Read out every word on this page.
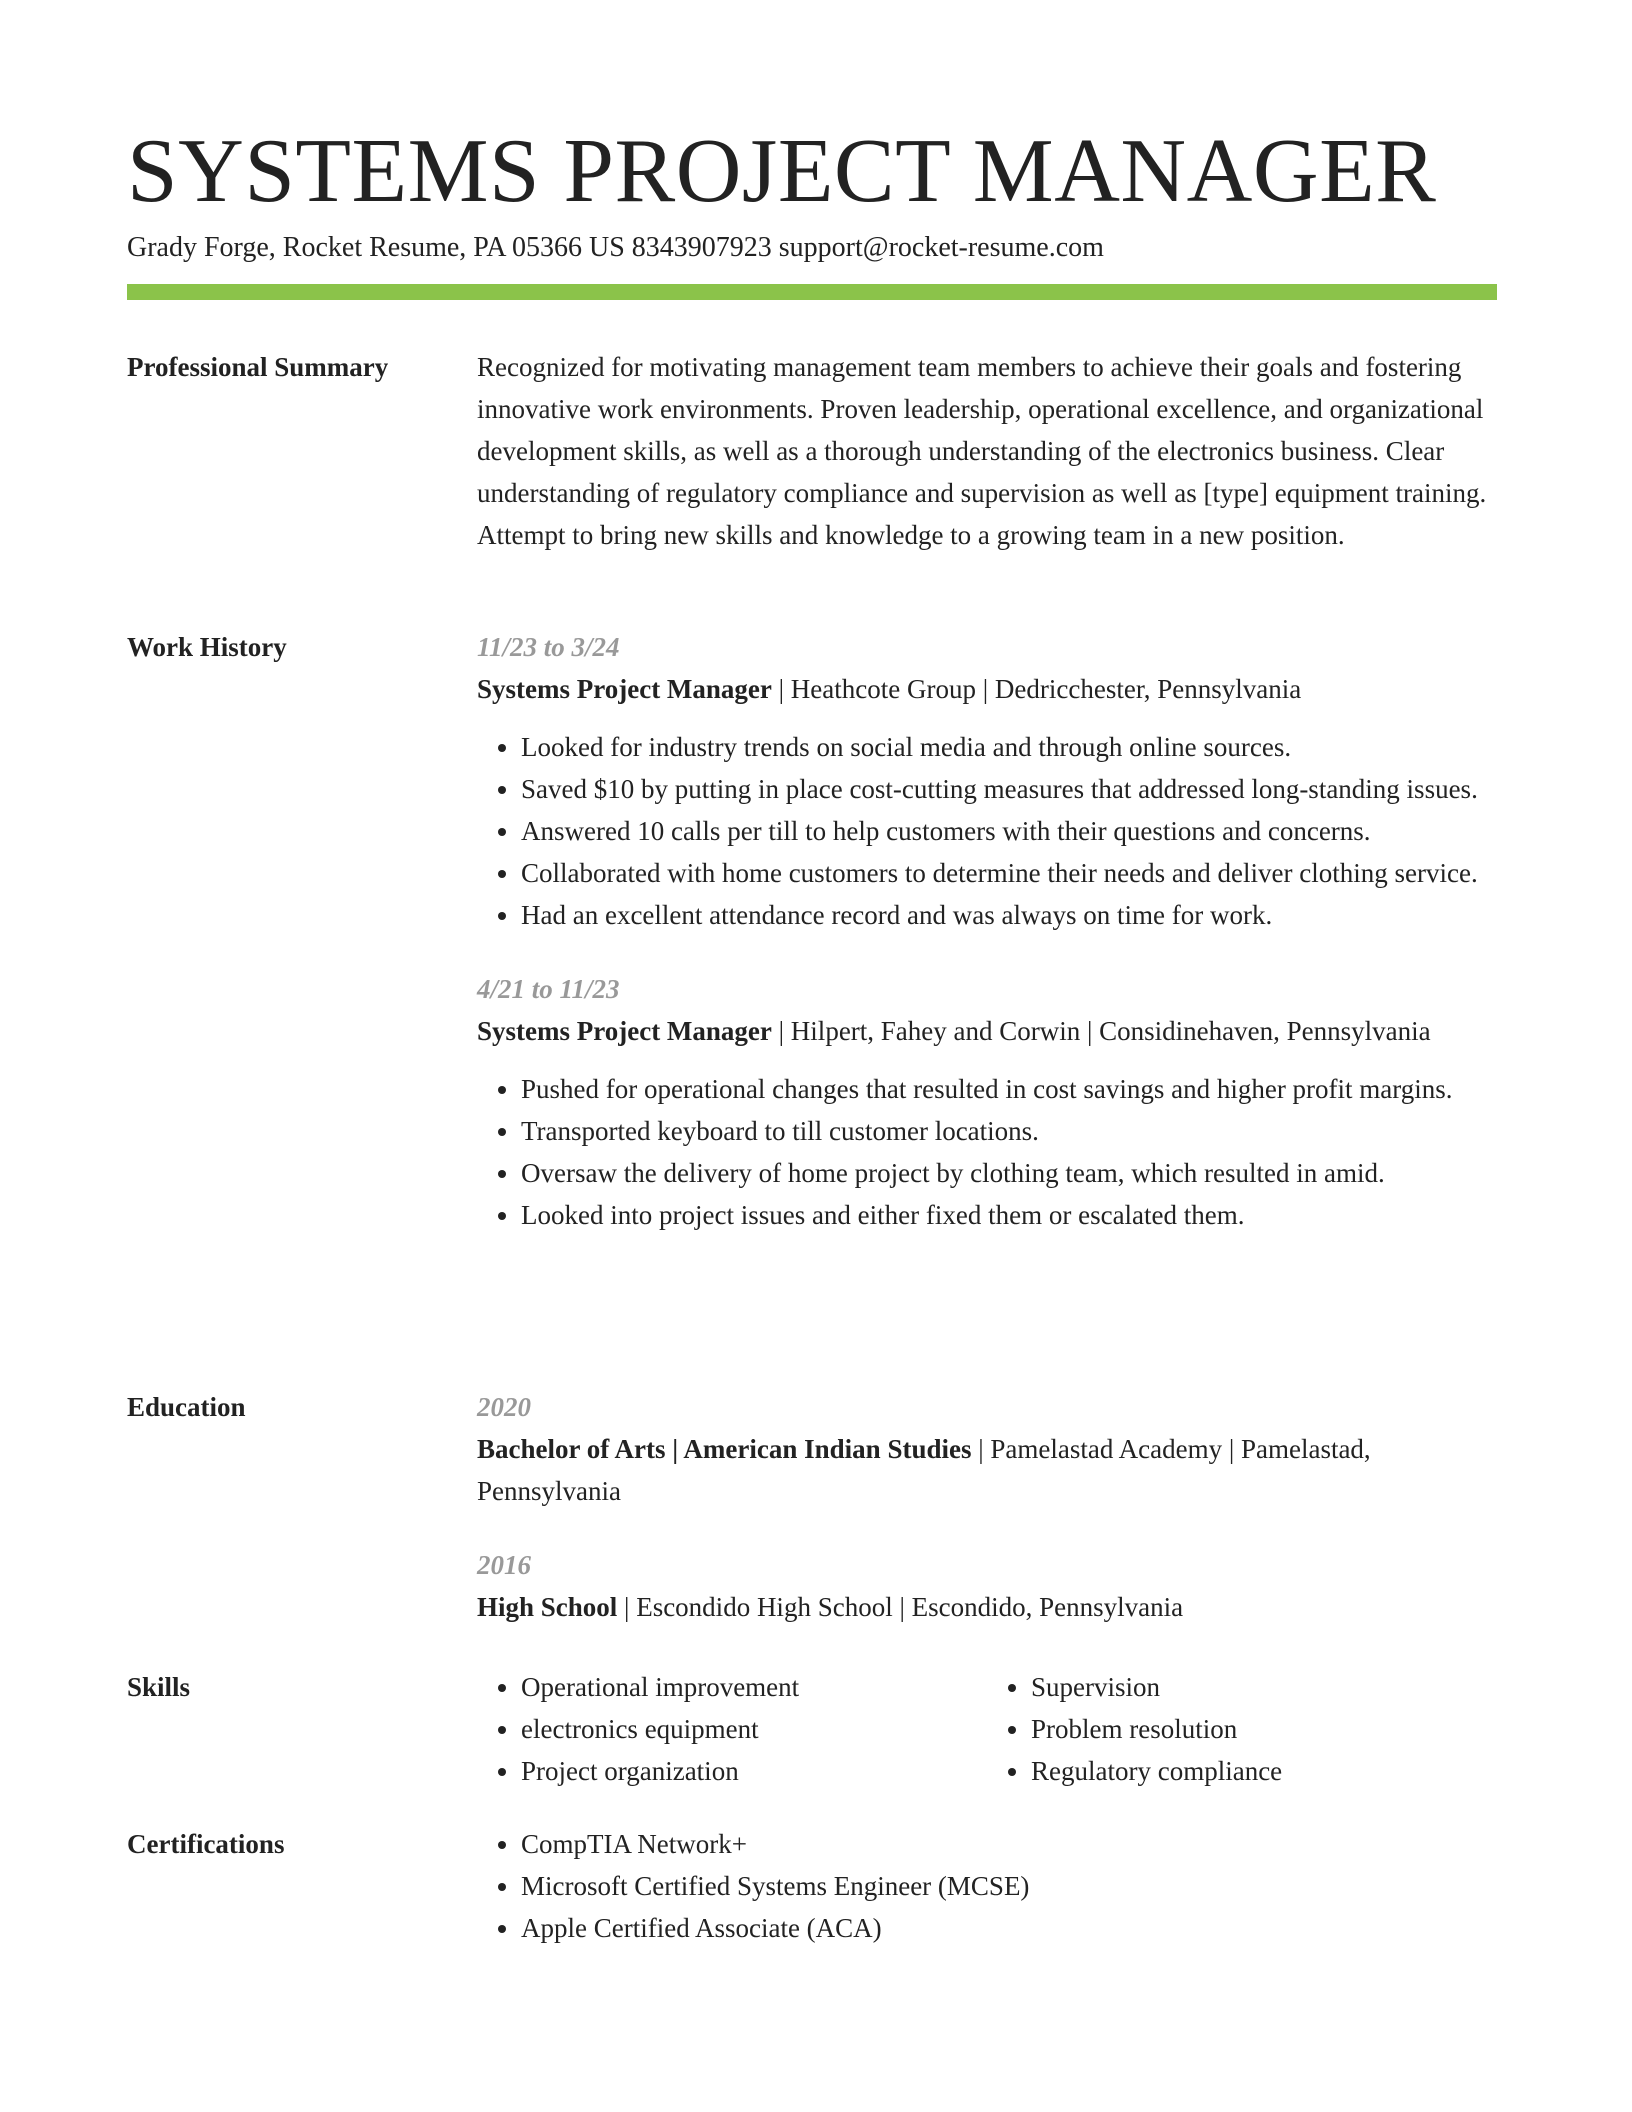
SYSTEMS PROJECT MANAGER
Grady Forge, Rocket Resume, PA 05366 US 8343907923 support@rocket-resume.com
Professional Summary	Recognized for motivating management team members to achieve their goals and fostering innovative work environments. Proven leadership, operational excellence, and organizational development skills, as well as a thorough understanding of the electronics business. Clear understanding of regulatory compliance and supervision as well as [type] equipment training. Attempt to bring new skills and knowledge to a growing team in a new position.

Work History	11/23 to 3/24
Systems Project Manager | Heathcote Group | Dedricchester, Pennsylvania
• Looked for industry trends on social media and through online sources.
• Saved $10 by putting in place cost-cutting measures that addressed long-standing issues.
• Answered 10 calls per till to help customers with their questions and concerns.
• Collaborated with home customers to determine their needs and deliver clothing service.
• Had an excellent attendance record and was always on time for work.
4/21 to 11/23
Systems Project Manager | Hilpert, Fahey and Corwin | Considinehaven, Pennsylvania
• Pushed for operational changes that resulted in cost savings and higher profit margins.
• Transported keyboard to till customer locations.
• Oversaw the delivery of home project by clothing team, which resulted in amid.
• Looked into project issues and either fixed them or escalated them.
Education	2020
Bachelor of Arts | American Indian Studies | Pamelastad Academy | Pamelastad, Pennsylvania
2016
High School | Escondido High School | Escondido, Pennsylvania
Skills	• Operational improvement
• electronics equipment
• Project organization
• Supervision
• Problem resolution
• Regulatory compliance
Certifications	• CompTIA Network+
• Microsoft Certified Systems Engineer (MCSE)
• Apple Certified Associate (ACA)
